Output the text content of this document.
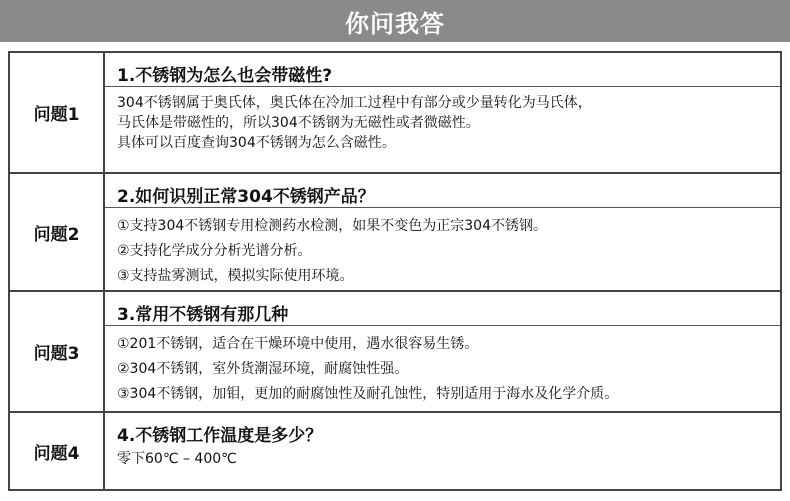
你问我答
问题1
1.不锈钢为怎么也会带磁性?
304不锈钢属于奥氏体，奥氏体在冷加工过程中有部分或少量转化为马氏体，
马氏体是带磁性的，所以304不锈钢为无磁性或者微磁性。
具体可以百度查询304不锈钢为怎么含磁性。
问题2
2.如何识别正常304不锈钢产品？
①支持304不锈钢专用检测药水检测，如果不变色为正宗304不锈钢。
②支持化学成分分析光谱分析。
③支持盐雾测试，模拟实际使用环境。
问题3
3.常用不锈钢有那几种
①201不锈钢，适合在干燥环境中使用，遇水很容易生锈。
②304不锈钢，室外货潮湿环境，耐腐蚀性强。
③304不锈钢，加钼，更加的耐腐蚀性及耐孔蚀性，特别适用于海水及化学介质。
问题4
4.不锈钢工作温度是多少？
零下60℃ – 400℃
